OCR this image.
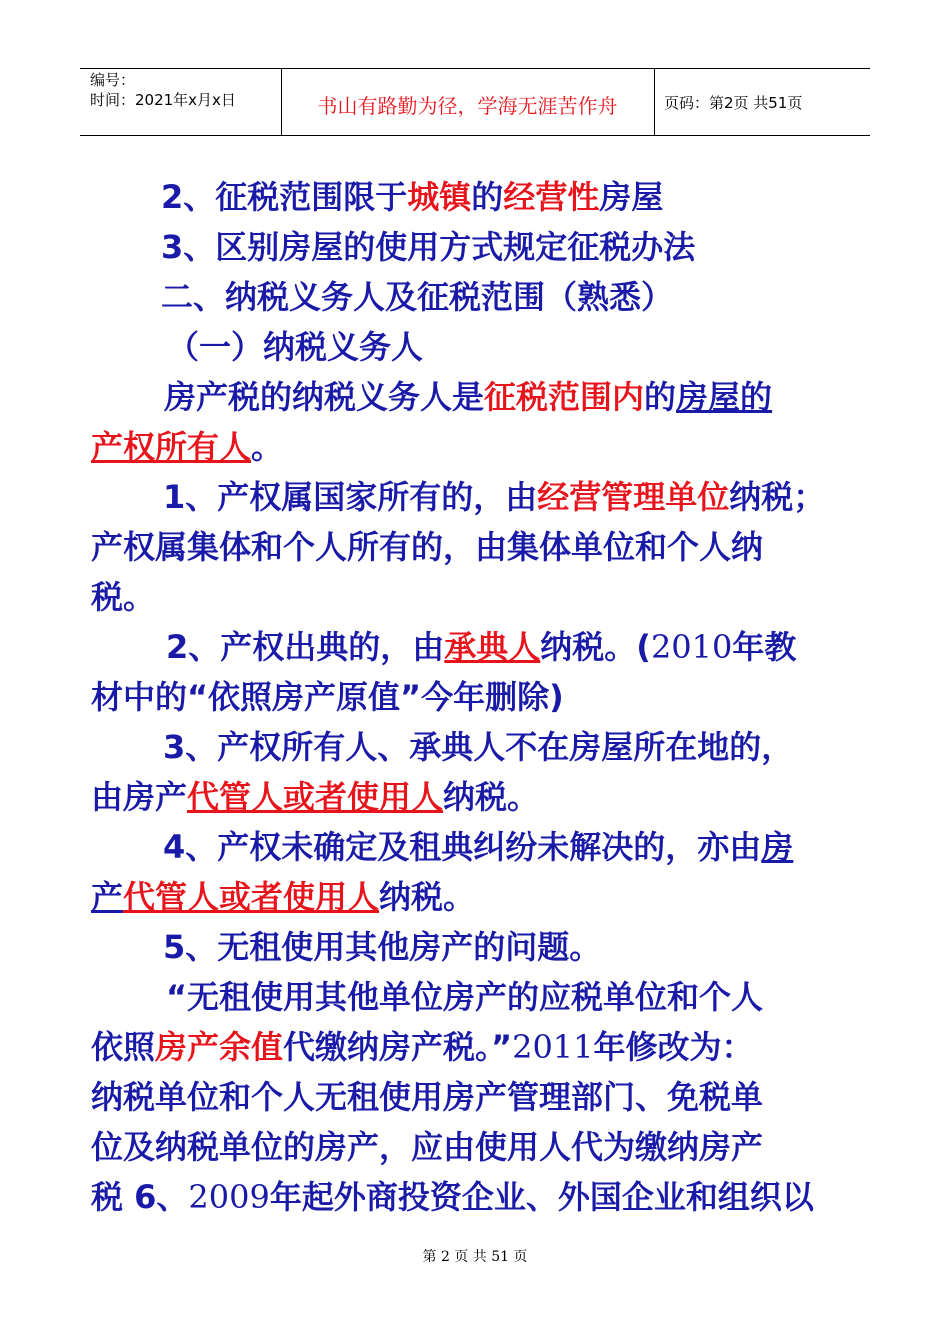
编号：
时间：2021年x月x日	书山有路勤为径，学海无涯苦作舟	页码：第2页 共51页
2、征税范围限于城镇的经营性房屋
3、区别房屋的使用方式规定征税办法
二、纳税义务人及征税范围（熟悉）
（一）纳税义务人
房产税的纳税义务人是征税范围内的房屋的
产权所有人。
1、产权属国家所有的，由经营管理单位纳税；
产权属集体和个人所有的，由集体单位和个人纳
税。
2、产权出典的，由承典人纳税。(2010年教
材中的“依照房产原值”今年删除)
3、产权所有人、承典人不在房屋所在地的，
由房产代管人或者使用人纳税。
4、产权未确定及租典纠纷未解决的，亦由房
产代管人或者使用人纳税。
5、无租使用其他房产的问题。
“无租使用其他单位房产的应税单位和个人
依照房产余值代缴纳房产税。”2011年修改为：
纳税单位和个人无租使用房产管理部门、免税单
位及纳税单位的房产，应由使用人代为缴纳房产
税 6、2009年起外商投资企业、外国企业和组织以
第 2 页 共 51 页
